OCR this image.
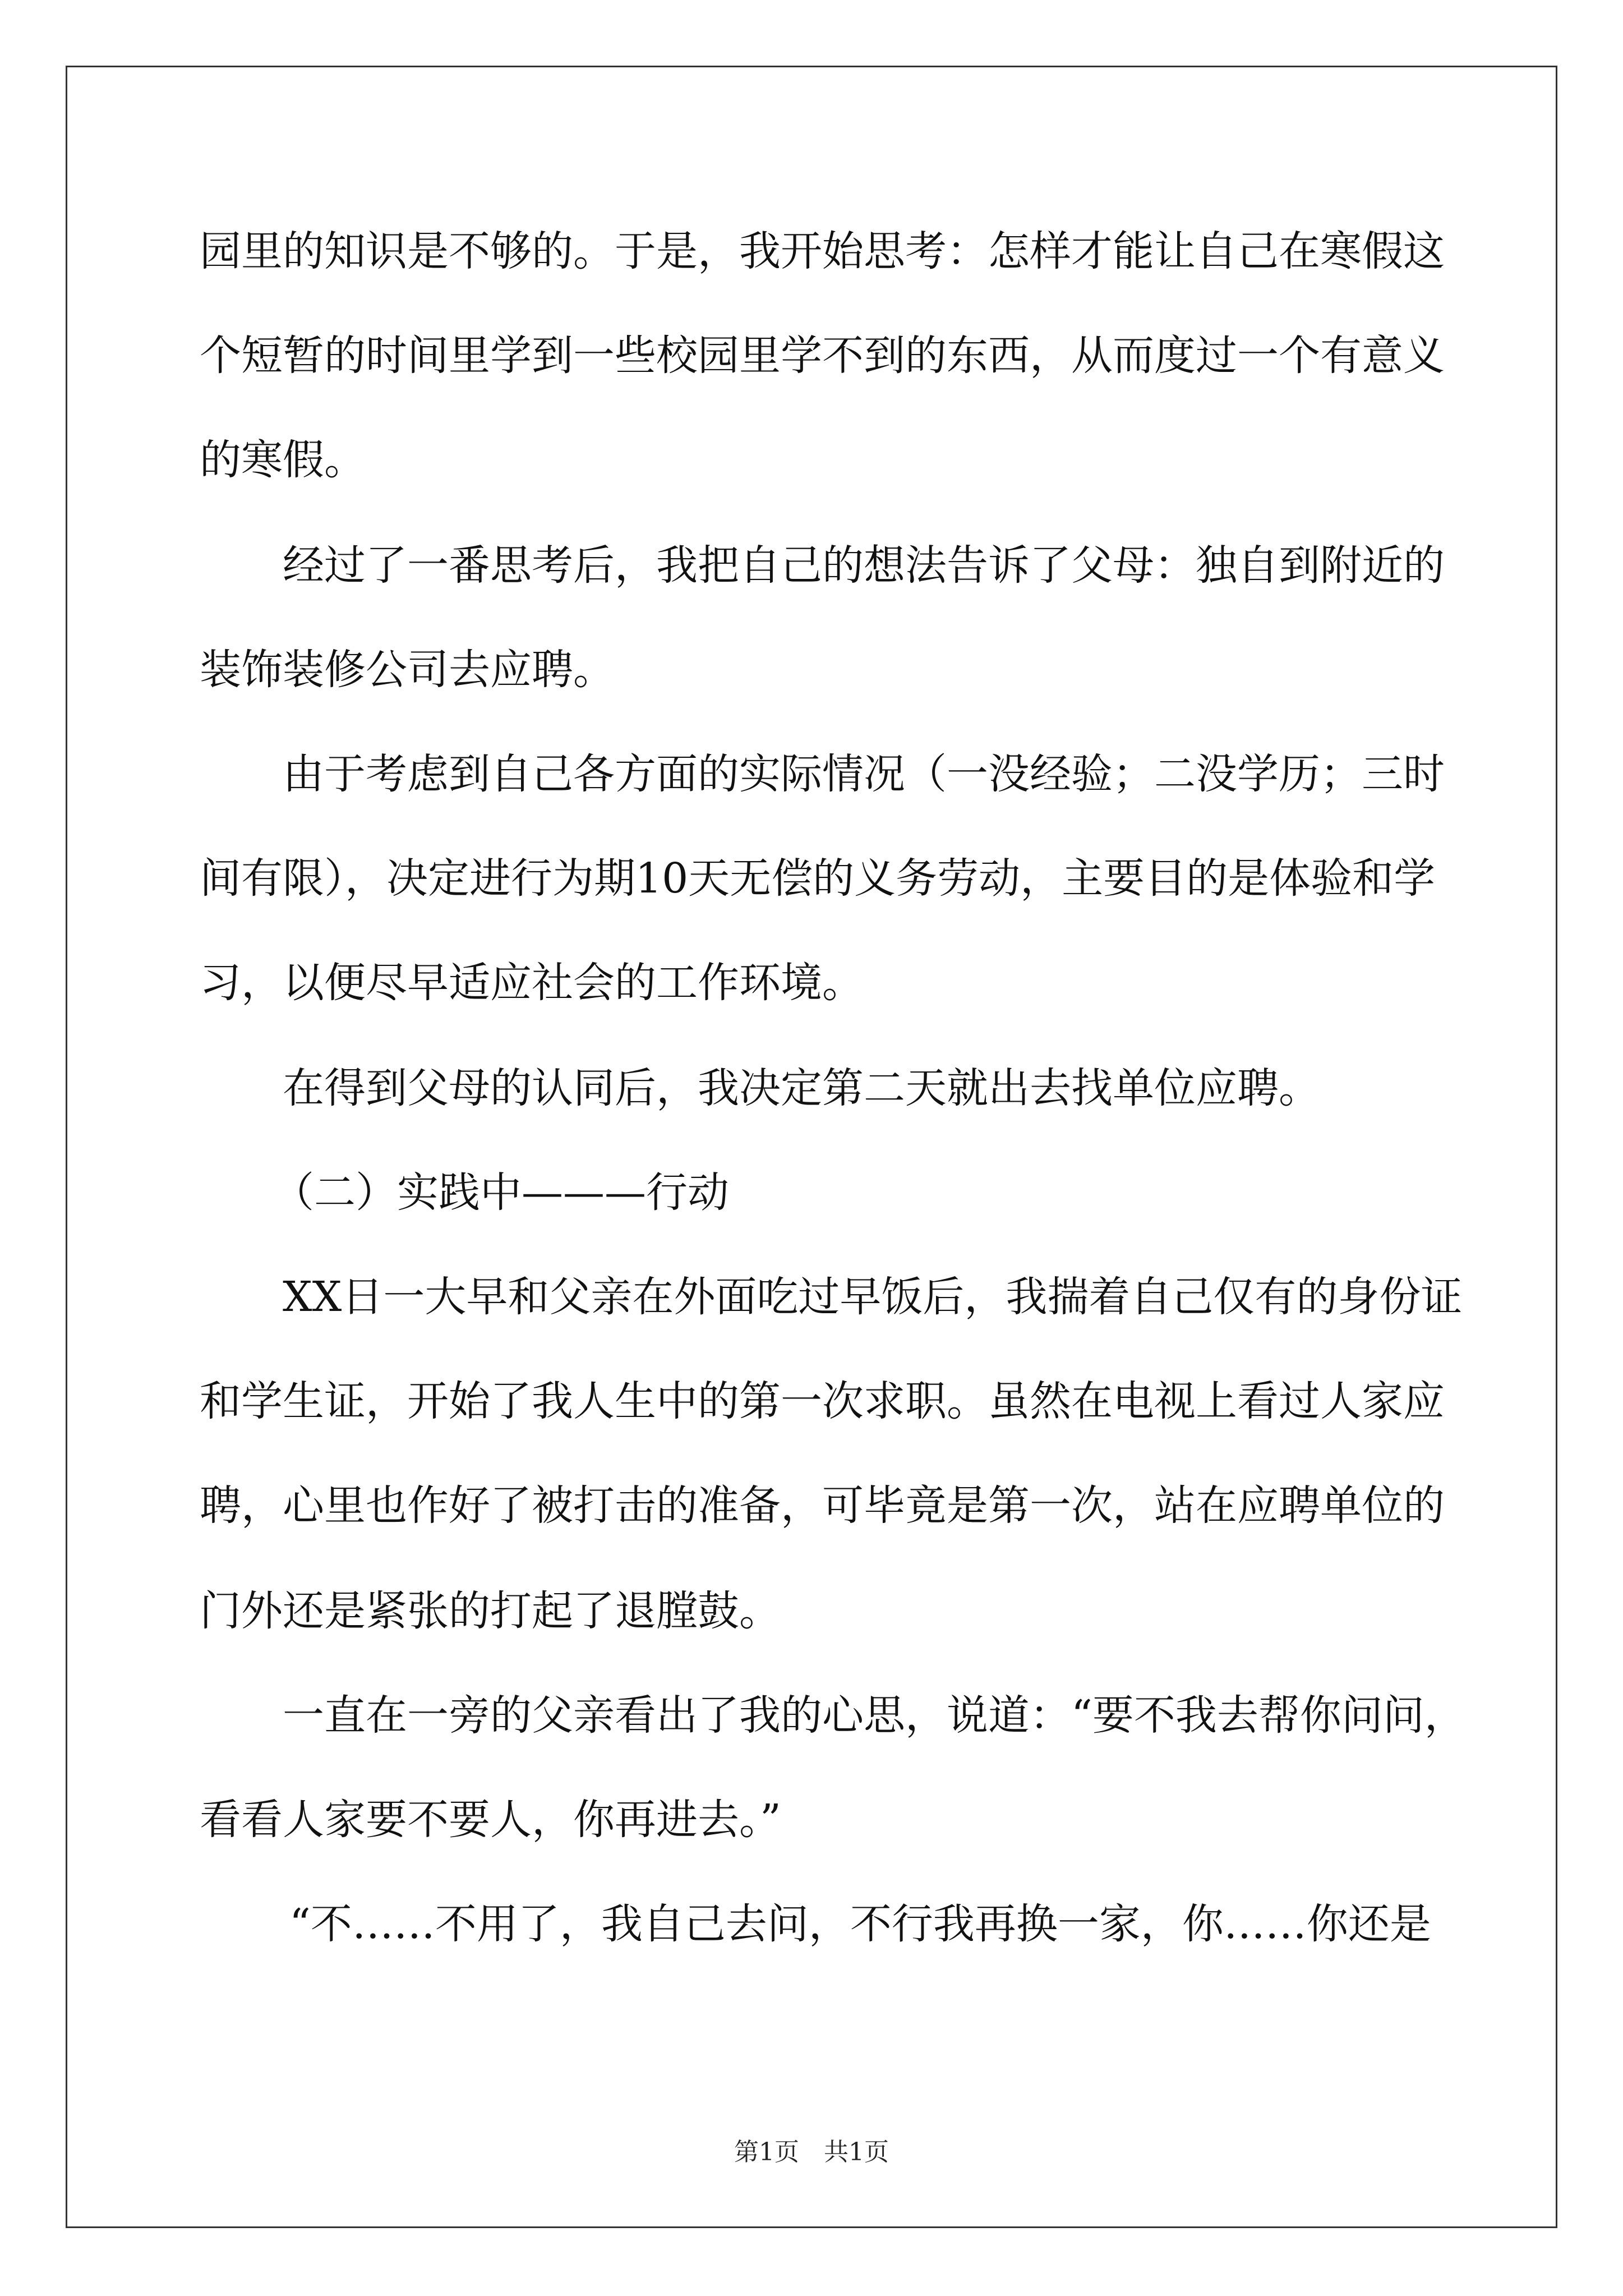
园里的知识是不够的。于是，我开始思考：怎样才能让自己在寒假这
个短暂的时间里学到一些校园里学不到的东西，从而度过一个有意义
的寒假。
经过了一番思考后，我把自己的想法告诉了父母：独自到附近的
装饰装修公司去应聘。
由于考虑到自己各方面的实际情况（一没经验；二没学历；三时
间有限），决定进行为期10天无偿的义务劳动，主要目的是体验和学
习，以便尽早适应社会的工作环境。
在得到父母的认同后，我决定第二天就出去找单位应聘。
（二）实践中———行动
XX日一大早和父亲在外面吃过早饭后，我揣着自己仅有的身份证
和学生证，开始了我人生中的第一次求职。虽然在电视上看过人家应
聘，心里也作好了被打击的准备，可毕竟是第一次，站在应聘单位的
门外还是紧张的打起了退膛鼓。
一直在一旁的父亲看出了我的心思，说道：“要不我去帮你问问，
看看人家要不要人，你再进去。”
“不……不用了，我自己去问，不行我再换一家，你……你还是
第1页　共1页
